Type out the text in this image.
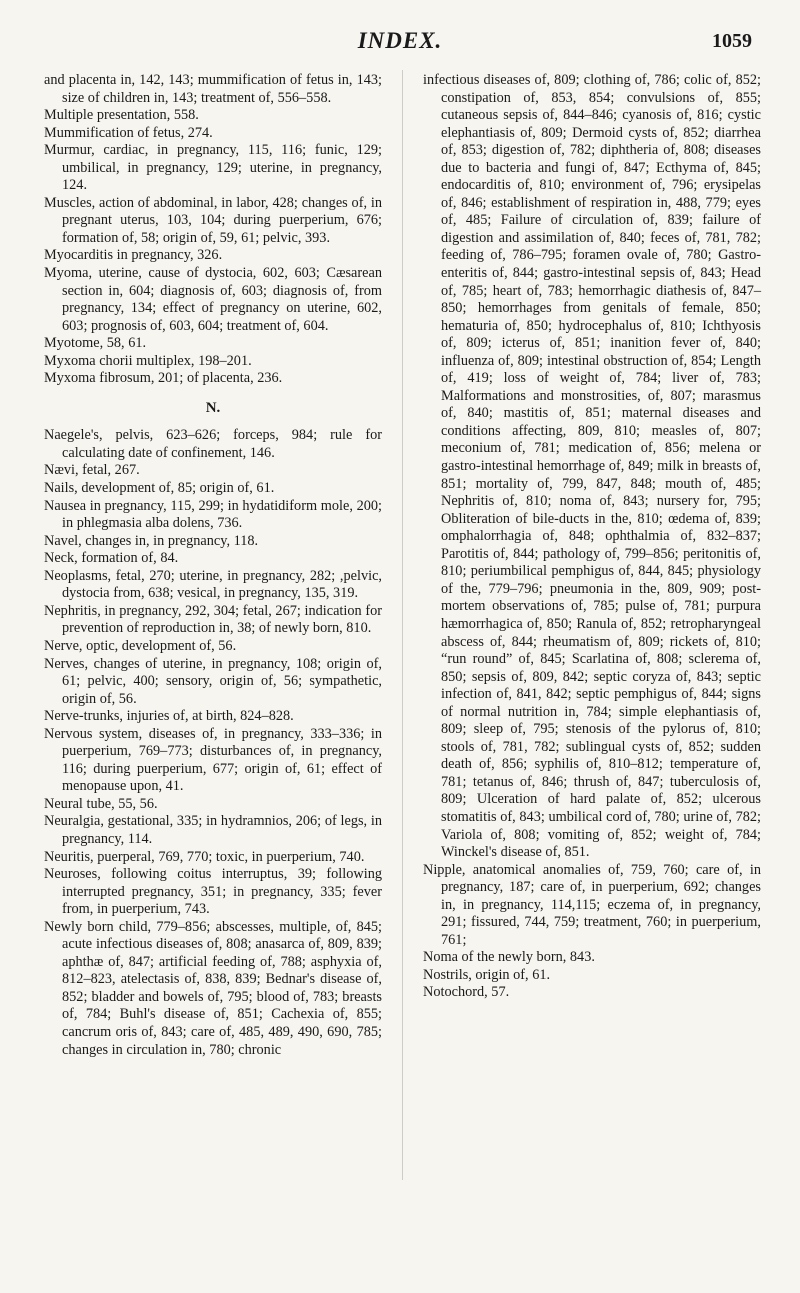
INDEX.	1059

and placenta in, 142, 143; mummification of fetus in, 143; size of children in, 143; treatment of, 556–558.

Multiple presentation, 558.

Mummification of fetus, 274.

Murmur, cardiac, in pregnancy, 115, 116; funic, 129; umbilical, in pregnancy, 129; uterine, in pregnancy, 124.

Muscles, action of abdominal, in labor, 428; changes of, in pregnant uterus, 103, 104; during puerperium, 676; formation of, 58; origin of, 59, 61; pelvic, 393.

Myocarditis in pregnancy, 326.

Myoma, uterine, cause of dystocia, 602, 603; Cæsarean section in, 604; diagnosis of, 603; diagnosis of, from pregnancy, 134; effect of pregnancy on uterine, 602, 603; prognosis of, 603, 604; treatment of, 604.

Myotome, 58, 61.

Myxoma chorii multiplex, 198–201.

Myxoma fibrosum, 201; of placenta, 236.

N.

Naegele's, pelvis, 623–626; forceps, 984; rule for calculating date of confinement, 146.

Nævi, fetal, 267.

Nails, development of, 85; origin of, 61.

Nausea in pregnancy, 115, 299; in hydatidiform mole, 200; in phlegmasia alba dolens, 736.

Navel, changes in, in pregnancy, 118.

Neck, formation of, 84.

Neoplasms, fetal, 270; uterine, in pregnancy, 282; ,pelvic, dystocia from, 638; vesical, in pregnancy, 135, 319.

Nephritis, in pregnancy, 292, 304; fetal, 267; indication for prevention of reproduction in, 38; of newly born, 810.

Nerve, optic, development of, 56.

Nerves, changes of uterine, in pregnancy, 108; origin of, 61; pelvic, 400; sensory, origin of, 56; sympathetic, origin of, 56.

Nerve-trunks, injuries of, at birth, 824–828.

Nervous system, diseases of, in pregnancy, 333–336; in puerperium, 769–773; disturbances of, in pregnancy, 116; during puerperium, 677; origin of, 61; effect of menopause upon, 41.

Neural tube, 55, 56.

Neuralgia, gestational, 335; in hydramnios, 206; of legs, in pregnancy, 114.

Neuritis, puerperal, 769, 770; toxic, in puerperium, 740.

Neuroses, following coitus interruptus, 39; following interrupted pregnancy, 351; in pregnancy, 335; fever from, in puerperium, 743.

Newly born child, 779–856; abscesses, multiple, of, 845; acute infectious diseases of, 808; anasarca of, 809, 839; aphthæ of, 847; artificial feeding of, 788; asphyxia of, 812–823, atelectasis of, 838, 839; Bednar's disease of, 852; bladder and bowels of, 795; blood of, 783; breasts of, 784; Buhl's disease of, 851; Cachexia of, 855; cancrum oris of, 843; care of, 485, 489, 490, 690, 785; changes in circulation in, 780; chronic

infectious diseases of, 809; clothing of, 786; colic of, 852; constipation of, 853, 854; convulsions of, 855; cutaneous sepsis of, 844–846; cyanosis of, 816; cystic elephantiasis of, 809; Dermoid cysts of, 852; diarrhea of, 853; digestion of, 782; diphtheria of, 808; diseases due to bacteria and fungi of, 847; Ecthyma of, 845; endocarditis of, 810; environment of, 796; erysipelas of, 846; establishment of respiration in, 488, 779; eyes of, 485; Failure of circulation of, 839; failure of digestion and assimilation of, 840; feces of, 781, 782; feeding of, 786–795; foramen ovale of, 780; Gastro-enteritis of, 844; gastro-intestinal sepsis of, 843; Head of, 785; heart of, 783; hemorrhagic diathesis of, 847–850; hemorrhages from genitals of female, 850; hematuria of, 850; hydrocephalus of, 810; Ichthyosis of, 809; icterus of, 851; inanition fever of, 840; influenza of, 809; intestinal obstruction of, 854; Length of, 419; loss of weight of, 784; liver of, 783; Malformations and monstrosities, of, 807; marasmus of, 840; mastitis of, 851; maternal diseases and conditions affecting, 809, 810; measles of, 807; meconium of, 781; medication of, 856; melena or gastro-intestinal hemorrhage of, 849; milk in breasts of, 851; mortality of, 799, 847, 848; mouth of, 485; Nephritis of, 810; noma of, 843; nursery for, 795; Obliteration of bile-ducts in the, 810; œdema of, 839; omphalorrhagia of, 848; ophthalmia of, 832–837; Parotitis of, 844; pathology of, 799–856; peritonitis of, 810; periumbilical pemphigus of, 844, 845; physiology of the, 779–796; pneumonia in the, 809, 909; post-mortem observations of, 785; pulse of, 781; purpura hæmorrhagica of, 850; Ranula of, 852; retropharyngeal abscess of, 844; rheumatism of, 809; rickets of, 810; “run round” of, 845; Scarlatina of, 808; sclerema of, 850; sepsis of, 809, 842; septic coryza of, 843; septic infection of, 841, 842; septic pemphigus of, 844; signs of normal nutrition in, 784; simple elephantiasis of, 809; sleep of, 795; stenosis of the pylorus of, 810; stools of, 781, 782; sublingual cysts of, 852; sudden death of, 856; syphilis of, 810–812; temperature of, 781; tetanus of, 846; thrush of, 847; tuberculosis of, 809; Ulceration of hard palate of, 852; ulcerous stomatitis of, 843; umbilical cord of, 780; urine of, 782; Variola of, 808; vomiting of, 852; weight of, 784; Winckel's disease of, 851.

Nipple, anatomical anomalies of, 759, 760; care of, in pregnancy, 187; care of, in puerperium, 692; changes in, in pregnancy, 114,115; eczema of, in pregnancy, 291; fissured, 744, 759; treatment, 760; in puerperium, 761;

Noma of the newly born, 843.

Nostrils, origin of, 61.

Notochord, 57.
